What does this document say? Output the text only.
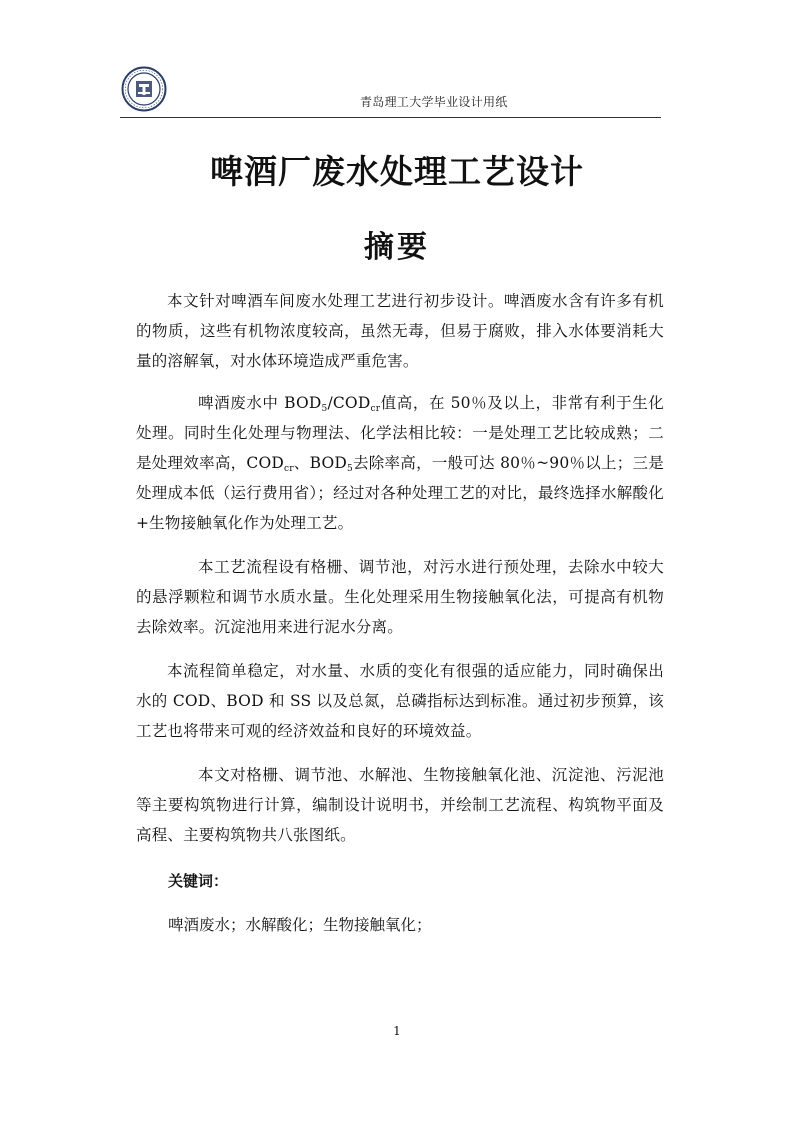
青岛理工大学毕业设计用纸
啤酒厂废水处理工艺设计
摘要
本文针对啤酒车间废水处理工艺进行初步设计。啤酒废水含有许多有机的物质，这些有机物浓度较高，虽然无毒，但易于腐败，排入水体要消耗大量的溶解氧，对水体环境造成严重危害。
啤酒废水中 $BOD_5/COD_{cr}$值高，在 50％及以上，非常有利于生化处理。同时生化处理与物理法、化学法相比较：一是处理工艺比较成熟；二是处理效率高，$COD_{cr}$、$BOD_5$去除率高，一般可达 80％~90％以上；三是处理成本低（运行费用省）；经过对各种处理工艺的对比，最终选择水解酸化+生物接触氧化作为处理工艺。
本工艺流程设有格栅、调节池，对污水进行预处理，去除水中较大的悬浮颗粒和调节水质水量。生化处理采用生物接触氧化法，可提高有机物去除效率。沉淀池用来进行泥水分离。
本流程简单稳定，对水量、水质的变化有很强的适应能力，同时确保出水的 COD、BOD 和 SS 以及总氮，总磷指标达到标准。通过初步预算，该工艺也将带来可观的经济效益和良好的环境效益。
本文对格栅、调节池、水解池、生物接触氧化池、沉淀池、污泥池等主要构筑物进行计算，编制设计说明书，并绘制工艺流程、构筑物平面及高程、主要构筑物共八张图纸。
关键词：
啤酒废水；水解酸化；生物接触氧化；
1
